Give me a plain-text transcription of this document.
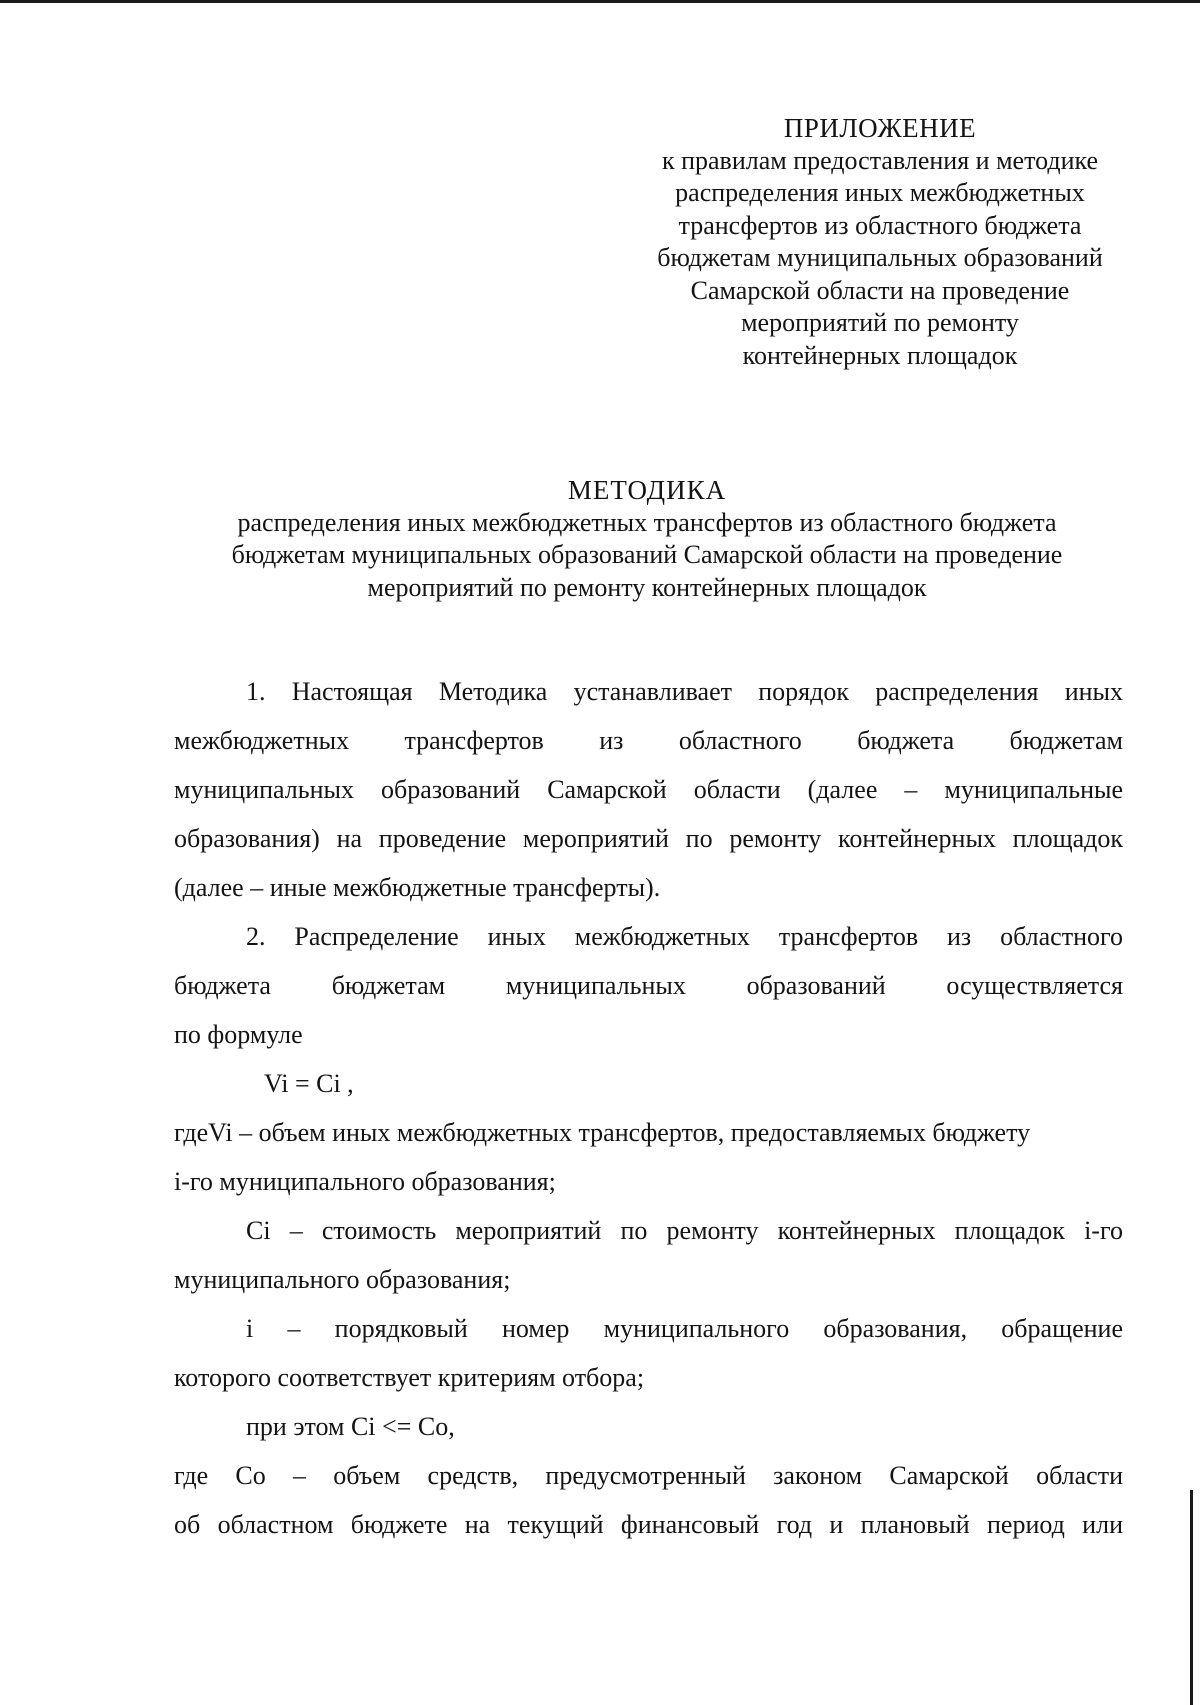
ПРИЛОЖЕНИЕ
к правилам предоставления и методике
распределения иных межбюджетных
трансфертов из областного бюджета
бюджетам муниципальных образований
Самарской области на проведение
мероприятий по ремонту
контейнерных площадок
МЕТОДИКА
распределения иных межбюджетных трансфертов из областного бюджета
бюджетам муниципальных образований Самарской области на проведение
мероприятий по ремонту контейнерных площадок
1. Настоящая Методика устанавливает порядок распределения иных
межбюджетных трансфертов из областного бюджета бюджетам
муниципальных образований Самарской области (далее – муниципальные
образования) на проведение мероприятий по ремонту контейнерных площадок
(далее – иные межбюджетные трансферты).
2. Распределение иных межбюджетных трансфертов из областного
бюджета бюджетам муниципальных образований осуществляется
по формуле
Vi = Ci ,
гдеVi – объем иных межбюджетных трансфертов, предоставляемых бюджету
i-го муниципального образования;
Ci – стоимость мероприятий по ремонту контейнерных площадок i-го
муниципального образования;
i – порядковый номер муниципального образования, обращение
которого соответствует критериям отбора;
при этом Ci <= Co,
где Co – объем средств, предусмотренный законом Самарской области
об областном бюджете на текущий финансовый год и плановый период или
